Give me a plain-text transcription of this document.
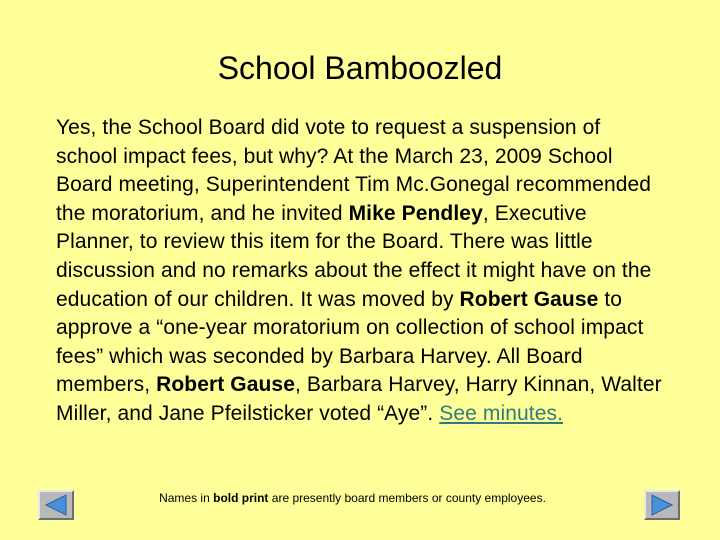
School Bamboozled
Yes, the School Board did vote to request a suspension of school impact fees, but why? At the March 23, 2009 School Board meeting, Superintendent Tim Mc.Gonegal recommended the moratorium, and he invited Mike Pendley, Executive Planner, to review this item for the Board. There was little discussion and no remarks about the effect it might have on the education of our children. It was moved by Robert Gause to approve a “one-year moratorium on collection of school impact fees” which was seconded by Barbara Harvey. All Board members, Robert Gause, Barbara Harvey, Harry Kinnan, Walter Miller, and Jane Pfeilsticker voted “Aye”. See minutes.
Names in bold print are presently board members or county employees.
